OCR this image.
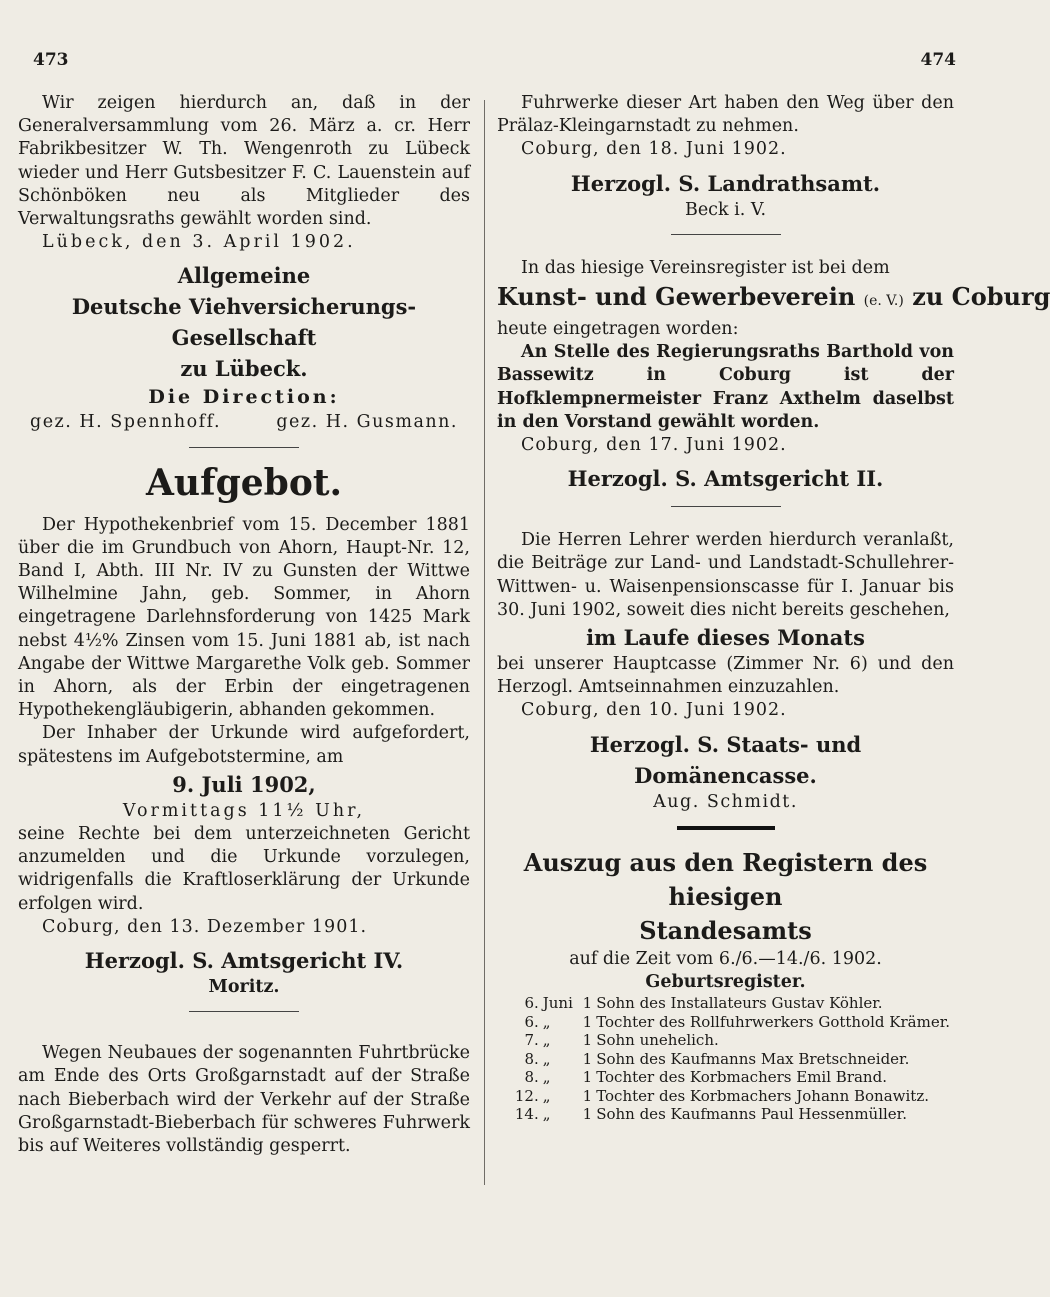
473	474

Wir zeigen hierdurch an, daß in der Generalversammlung vom 26. März a. cr. Herr Fabrikbesitzer W. Th. Wengenroth zu Lübeck wieder und Herr Gutsbesitzer F. C. Lauenstein auf Schönböken neu als Mitglieder des Verwaltungsraths gewählt worden sind.

Lübeck, den 3. April 1902.

Allgemeine

Deutsche Viehversicherungs-Gesellschaft

zu Lübeck.

Die Direction:

gez. H. Spennhoff.	gez. H. Gusmann.

Aufgebot.

Der Hypothekenbrief vom 15. December 1881 über die im Grundbuch von Ahorn, Haupt-Nr. 12, Band I, Abth. III Nr. IV zu Gunsten der Wittwe Wilhelmine Jahn, geb. Sommer, in Ahorn eingetragene Darlehnsforderung von 1425 Mark nebst 4½% Zinsen vom 15. Juni 1881 ab, ist nach Angabe der Wittwe Margarethe Volk geb. Sommer in Ahorn, als der Erbin der eingetragenen Hypothekengläubigerin, abhanden gekommen.

Der Inhaber der Urkunde wird aufgefordert, spätestens im Aufgebotstermine, am

9. Juli 1902,

Vormittags 11½ Uhr,

seine Rechte bei dem unterzeichneten Gericht anzumelden und die Urkunde vorzulegen, widrigenfalls die Kraftloserklärung der Urkunde erfolgen wird.

Coburg, den 13. Dezember 1901.

Herzogl. S. Amtsgericht IV.

Moritz.

Wegen Neubaues der sogenannten Fuhrtbrücke am Ende des Orts Großgarnstadt auf der Straße nach Bieberbach wird der Verkehr auf der Straße Großgarnstadt-Bieberbach für schweres Fuhrwerk bis auf Weiteres vollständig gesperrt.

Fuhrwerke dieser Art haben den Weg über den Prälaz-Kleingarnstadt zu nehmen.

Coburg, den 18. Juni 1902.

Herzogl. S. Landrathsamt.

Beck i. V.

In das hiesige Vereinsregister ist bei dem

Kunst- und Gewerbeverein (e. V.) zu Coburg

heute eingetragen worden:

An Stelle des Regierungsraths Barthold von Bassewitz in Coburg ist der Hofklempnermeister Franz Axthelm daselbst in den Vorstand gewählt worden.

Coburg, den 17. Juni 1902.

Herzogl. S. Amtsgericht II.

Die Herren Lehrer werden hierdurch veranlaßt, die Beiträge zur Land- und Landstadt-Schullehrer-Wittwen- u. Waisenpensionscasse für I. Januar bis 30. Juni 1902, soweit dies nicht bereits geschehen,

im Laufe dieses Monats

bei unserer Hauptcasse (Zimmer Nr. 6) und den Herzogl. Amtseinnahmen einzuzahlen.

Coburg, den 10. Juni 1902.

Herzogl. S. Staats- und Domänencasse.

Aug. Schmidt.

Auszug aus den Registern des hiesigen

Standesamts

auf die Zeit vom 6./6.—14./6. 1902.

Geburtsregister.

6.	Juni	1	Sohn des Installateurs Gustav Köhler.
6.	„	1	Tochter des Rollfuhrwerkers Gotthold Krämer.
7.	„	1	Sohn unehelich.
8.	„	1	Sohn des Kaufmanns Max Bretschneider.
8.	„	1	Tochter des Korbmachers Emil Brand.
12.	„	1	Tochter des Korbmachers Johann Bonawitz.
14.	„	1	Sohn des Kaufmanns Paul Hessenmüller.
